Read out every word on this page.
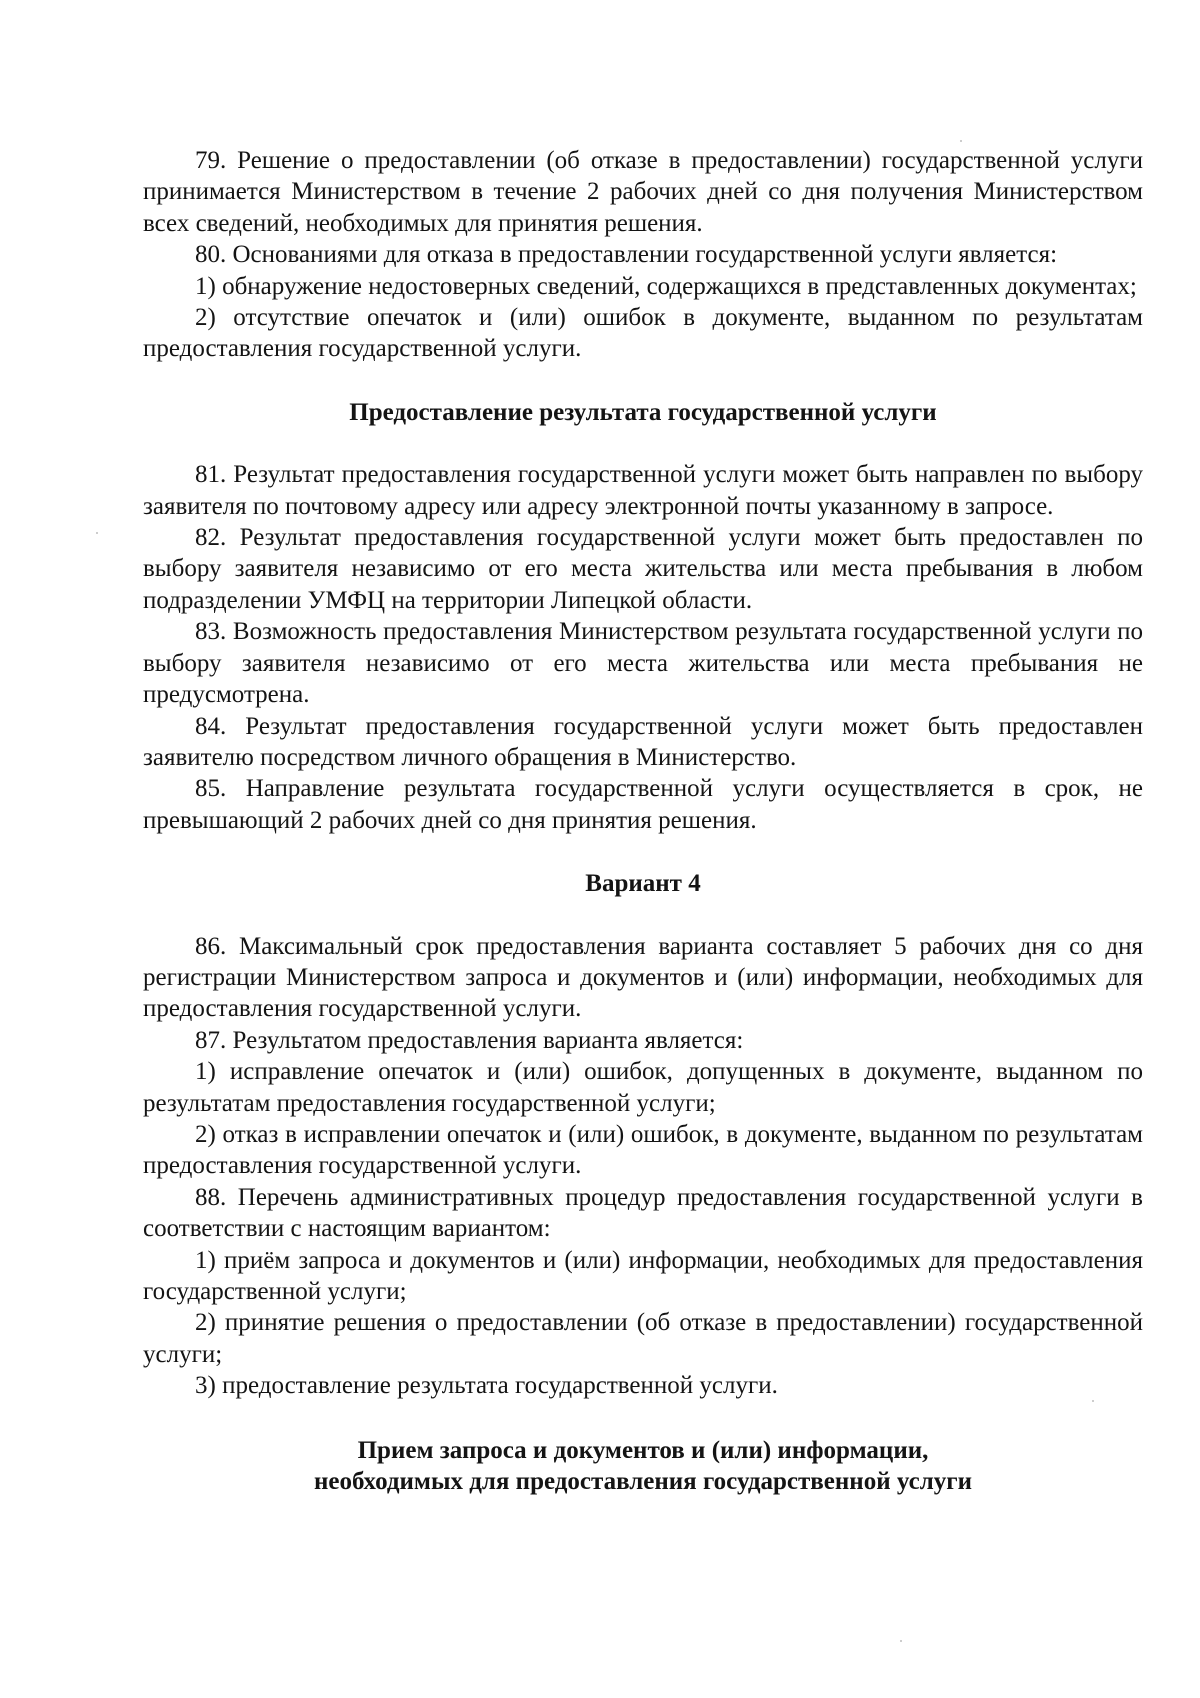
79. Решение о предоставлении (об отказе в предоставлении) государственной услуги принимается Министерством в течение 2 рабочих дней со дня получения Министерством всех сведений, необходимых для принятия решения.

80. Основаниями для отказа в предоставлении государственной услуги является:

1) обнаружение недостоверных сведений, содержащихся в представленных документах;

2) отсутствие опечаток и (или) ошибок в документе, выданном по результатам предоставления государственной услуги.

Предоставление результата государственной услуги

81. Результат предоставления государственной услуги может быть направлен по выбору заявителя по почтовому адресу или адресу электронной почты указанному в запросе.

82. Результат предоставления государственной услуги может быть предоставлен по выбору заявителя независимо от его места жительства или места пребывания в любом подразделении УМФЦ на территории Липецкой области.

83. Возможность предоставления Министерством результата государственной услуги по выбору заявителя независимо от его места жительства или места пребывания не предусмотрена.

84. Результат предоставления государственной услуги может быть предоставлен заявителю посредством личного обращения в Министерство.

85. Направление результата государственной услуги осуществляется в срок, не превышающий 2 рабочих дней со дня принятия решения.

Вариант 4

86. Максимальный срок предоставления варианта составляет 5 рабочих дня со дня регистрации Министерством запроса и документов и (или) информации, необходимых для предоставления государственной услуги.

87. Результатом предоставления варианта является:

1) исправление опечаток и (или) ошибок, допущенных в документе, выданном по результатам предоставления государственной услуги;

2) отказ в исправлении опечаток и (или) ошибок, в документе, выданном по результатам предоставления государственной услуги.

88. Перечень административных процедур предоставления государственной услуги в соответствии с настоящим вариантом:

1) приём запроса и документов и (или) информации, необходимых для предоставления государственной услуги;

2) принятие решения о предоставлении (об отказе в предоставлении) государственной услуги;

3) предоставление результата государственной услуги.

Прием запроса и документов и (или) информации,
необходимых для предоставления государственной услуги
